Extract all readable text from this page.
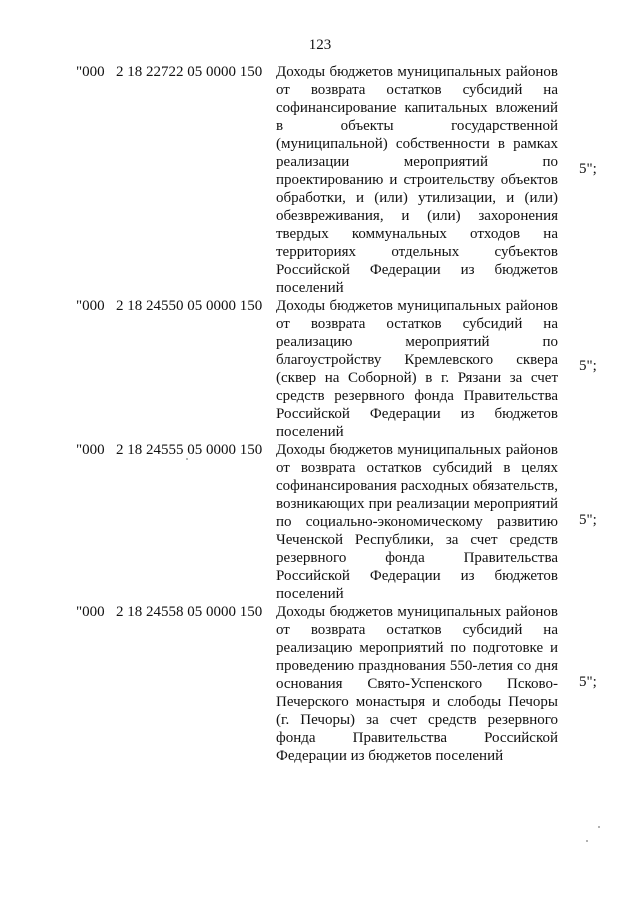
123
"000 2 18 22722 05 0000 150 Доходы бюджетов муниципальных районов от возврата остатков субсидий на софинансирование капитальных вложений в объекты государственной (муниципальной) собственности в рамках реализации мероприятий по проектированию и строительству объектов обработки, и (или) утилизации, и (или) обезвреживания, и (или) захоронения твердых коммунальных отходов на территориях отдельных субъектов Российской Федерации из бюджетов поселений
5";
"000 2 18 24550 05 0000 150 Доходы бюджетов муниципальных районов от возврата остатков субсидий на реализацию мероприятий по благоустройству Кремлевского сквера (сквер на Соборной) в г. Рязани за счет средств резервного фонда Правительства Российской Федерации из бюджетов поселений
5";
"000 2 18 24555 05 0000 150 Доходы бюджетов муниципальных районов от возврата остатков субсидий в целях софинансирования расходных обязательств, возникающих при реализации мероприятий по социально-экономическому развитию Чеченской Республики, за счет средств резервного фонда Правительства Российской Федерации из бюджетов поселений
5";
"000 2 18 24558 05 0000 150 Доходы бюджетов муниципальных районов от возврата остатков субсидий на реализацию мероприятий по подготовке и проведению празднования 550-летия со дня основания Свято-Успенского Псково-Печерского монастыря и слободы Печоры (г. Печоры) за счет средств резервного фонда Правительства Российской Федерации из бюджетов поселений
5";
